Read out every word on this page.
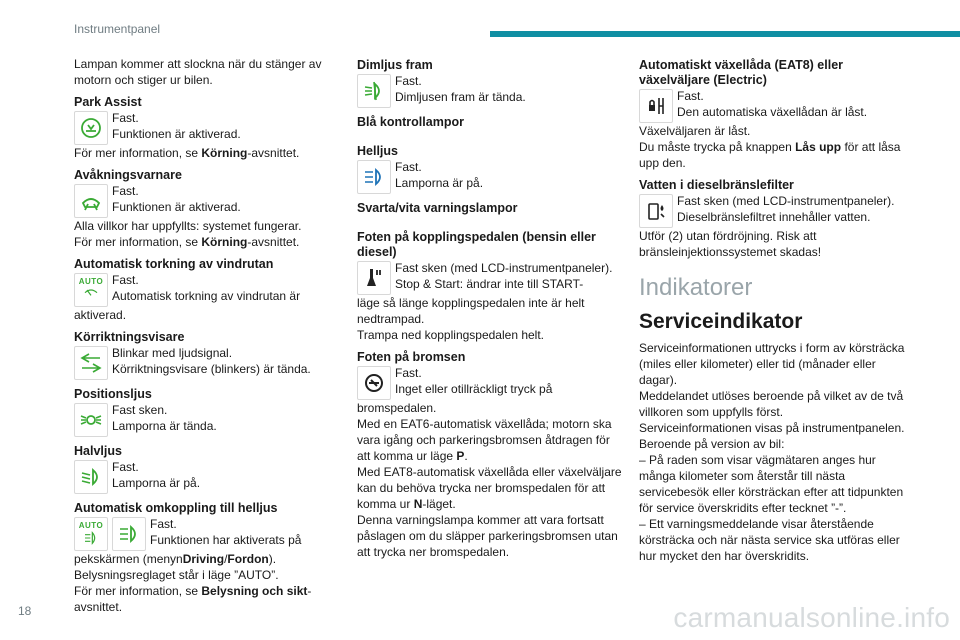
Instrumentpanel

Lampan kommer att slockna när du stänger av motorn och stiger ur bilen.

Park Assist

Fast.

Funktionen är aktiverad.

För mer information, se Körning-avsnittet.

Avåkningsvarnare

Fast.

Funktionen är aktiverad.

Alla villkor har uppfyllts: systemet fungerar.

För mer information, se Körning-avsnittet.

Automatisk torkning av vindrutan

AUTO Fast.

Automatisk torkning av vindrutan är

aktiverad.

Körriktningsvisare

Blinkar med ljudsignal.

Körriktningsvisare (blinkers) är tända.

Positionsljus

Fast sken.

Lamporna är tända.

Halvljus

Fast.

Lamporna är på.

Automatisk omkoppling till helljus

AUTO	Fast.

Funktionen har aktiverats på

pekskärmen (menynDriving/Fordon).

Belysningsreglaget står i läge ”AUTO”.

För mer information, se Belysning och sikt-avsnittet.

Dimljus fram

Fast.

Dimljusen fram är tända.

Blå kontrollampor

Helljus

Fast.

Lamporna är på.

Svarta/vita varningslampor

Foten på kopplingspedalen (bensin eller diesel)

Fast sken (med LCD-instrumentpaneler).

Stop & Start: ändrar inte till START-

läge så länge kopplingspedalen inte är helt nedtrampad.

Trampa ned kopplingspedalen helt.

Foten på bromsen

Fast.

Inget eller otillräckligt tryck på

bromspedalen.

Med en EAT6-automatisk växellåda; motorn ska vara igång och parkeringsbromsen åtdragen för att komma ur läge P.

Med EAT8-automatisk växellåda eller växelväljare kan du behöva trycka ner bromspedalen för att komma ur N-läget.

Denna varningslampa kommer att vara fortsatt påslagen om du släpper parkeringsbromsen utan att trycka ner bromspedalen.

Automatiskt växellåda (EAT8) eller växelväljare (Electric)

Fast.

Den automatiska växellådan är låst.

Växelväljaren är låst.

Du måste trycka på knappen Lås upp för att låsa upp den.

Vatten i dieselbränslefilter

Fast sken (med LCD-instrumentpaneler).

Dieselbränslefiltret innehåller vatten.

Utför (2) utan fördröjning. Risk att bränsleinjektionssystemet skadas!

Indikatorer

Serviceindikator

Serviceinformationen uttrycks i form av körsträcka (miles eller kilometer) eller tid (månader eller dagar).

Meddelandet utlöses beroende på vilket av de två villkoren som uppfylls först.

Serviceinformationen visas på instrumentpanelen. Beroende på version av bil:

– På raden som visar vägmätaren anges hur många kilometer som återstår till nästa servicebesök eller körsträckan efter att tidpunkten för service överskridits efter tecknet ”-”.

– Ett varningsmeddelande visar återstående körsträcka och när nästa service ska utföras eller hur mycket den har överskridits.

18	carmanualsonline.info
